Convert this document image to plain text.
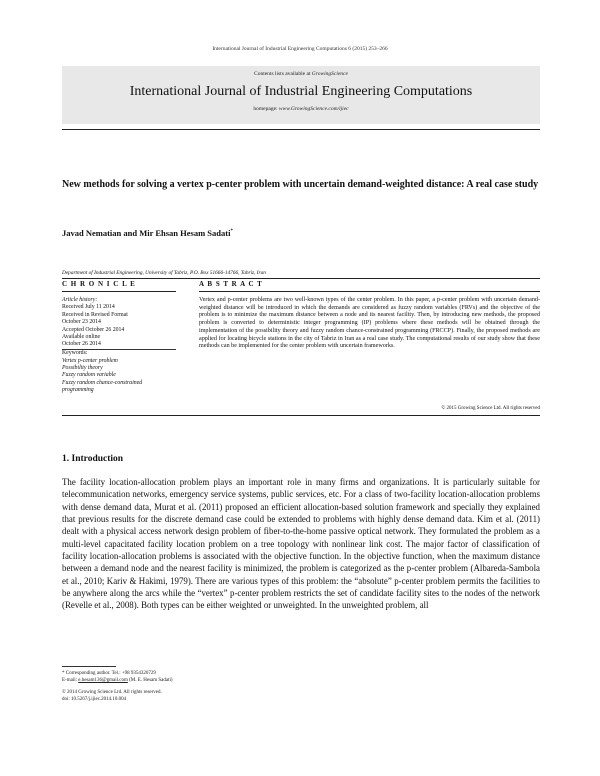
International Journal of Industrial Engineering Computations 6 (2015) 253–266
Contents lists available at GrowingScience
International Journal of Industrial Engineering Computations
homepage: www.GrowingScience.com/ijiec
New methods for solving a vertex p-center problem with uncertain demand-weighted distance: A real case study
Javad Nematian and Mir Ehsan Hesam Sadati*
Department of Industrial Engineering, University of Tabriz, P.O. Box 51666-14766, Tabriz, Iran
C H R O N I C L E	A B S T R A C T
Article history:
Received July 11 2014
Received in Revised Format
October 23 2014
Accepted October 26 2014
Available online
October 26 2014
Keywords:
Vertex p-center problem
Possibility theory
Fuzzy random variable
Fuzzy random chance-constrained
programming
Vertex and p-center problems are two well-known types of the center problem. In this paper, a p-center problem with uncertain demand-weighted distance will be introduced in which the demands are considered as fuzzy random variables (FRVs) and the objective of the problem is to minimize the maximum distance between a node and its nearest facility. Then, by introducing new methods, the proposed problem is converted to deterministic integer programming (IP) problems where these methods will be obtained through the implementation of the possibility theory and fuzzy random chance-constrained programming (FRCCP). Finally, the proposed methods are applied for locating bicycle stations in the city of Tabriz in Iran as a real case study. The computational results of our study show that these methods can be implemented for the center problem with uncertain frameworks.
© 2015 Growing Science Ltd. All rights reserved
1. Introduction
The facility location-allocation problem plays an important role in many firms and organizations. It is particularly suitable for telecommunication networks, emergency service systems, public services, etc. For a class of two-facility location-allocation problems with dense demand data, Murat et al. (2011) proposed an efficient allocation-based solution framework and specially they explained that previous results for the discrete demand case could be extended to problems with highly dense demand data. Kim et al. (2011) dealt with a physical access network design problem of fiber-to-the-home passive optical network. They formulated the problem as a multi-level capacitated facility location problem on a tree topology with nonlinear link cost. The major factor of classification of facility location-allocation problems is associated with the objective function. In the objective function, when the maximum distance between a demand node and the nearest facility is minimized, the problem is categorized as the p-center problem (Albareda-Sambola et al., 2010; Kariv & Hakimi, 1979). There are various types of this problem: the “absolute” p-center problem permits the facilities to be anywhere along the arcs while the “vertex” p-center problem restricts the set of candidate facility sites to the nodes of the network (Revelle et al., 2008). Both types can be either weighted or unweighted. In the unweighted problem, all
* Corresponding author. Tel.: +98 9354326729
E-mail: e.hesam136@gmail.com (M. E. Hesam Sadati)
© 2014 Growing Science Ltd. All rights reserved.
doi: 10.5267/j.ijiec.2014.10.004
